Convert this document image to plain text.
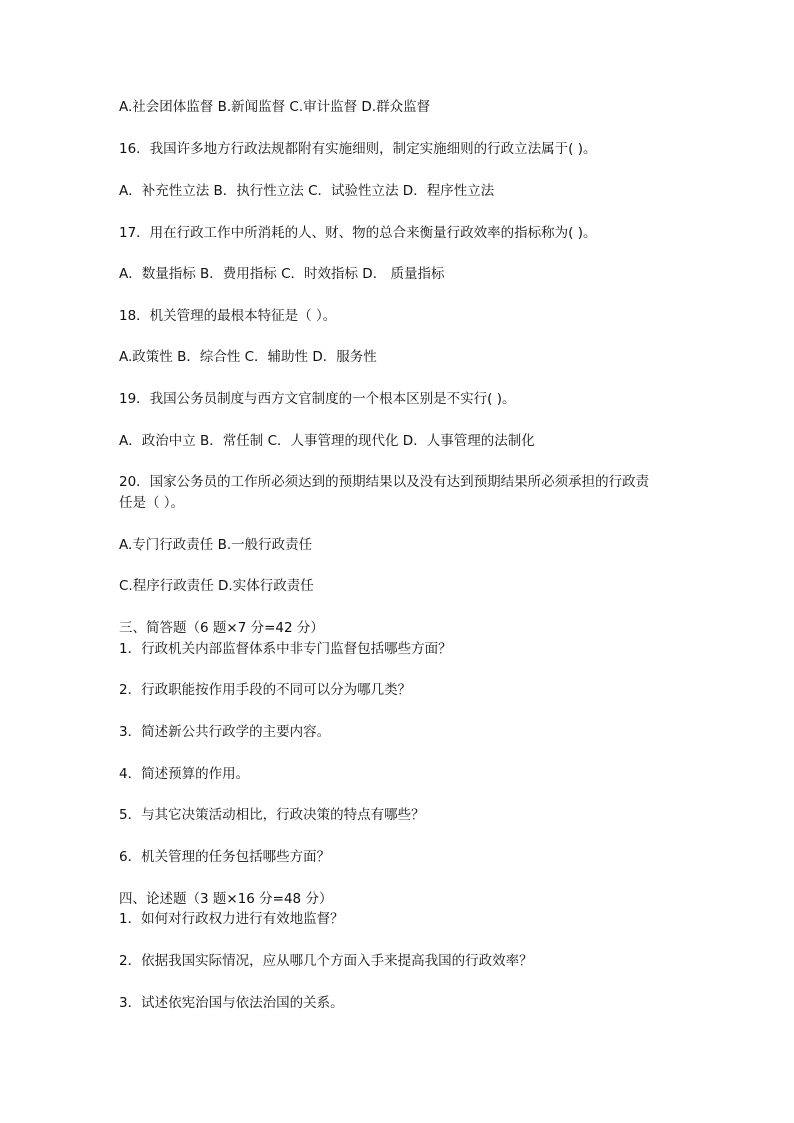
A.社会团体监督 B.新闻监督 C.审计监督 D.群众监督
16．我国许多地方行政法规都附有实施细则，制定实施细则的行政立法属于( )。
A．补充性立法 B．执行性立法 C．试验性立法 D．程序性立法
17．用在行政工作中所消耗的人、财、物的总合来衡量行政效率的指标称为( )。
A．数量指标 B．费用指标 C．时效指标 D． 质量指标
18．机关管理的最根本特征是（ ）。
A.政策性 B．综合性 C．辅助性 D．服务性
19．我国公务员制度与西方文官制度的一个根本区别是不实行( )。
A．政治中立 B．常任制 C．人事管理的现代化 D．人事管理的法制化
20．国家公务员的工作所必须达到的预期结果以及没有达到预期结果所必须承担的行政责
任是（ ）。
A.专门行政责任 B.一般行政责任
C.程序行政责任 D.实体行政责任
三、简答题（6 题×7 分=42 分）
1．行政机关内部监督体系中非专门监督包括哪些方面？
2．行政职能按作用手段的不同可以分为哪几类？
3．简述新公共行政学的主要内容。
4．简述预算的作用。
5．与其它决策活动相比，行政决策的特点有哪些？
6．机关管理的任务包括哪些方面？
四、论述题（3 题×16 分=48 分）
1．如何对行政权力进行有效地监督？
2．依据我国实际情况，应从哪几个方面入手来提高我国的行政效率？
3．试述依宪治国与依法治国的关系。
